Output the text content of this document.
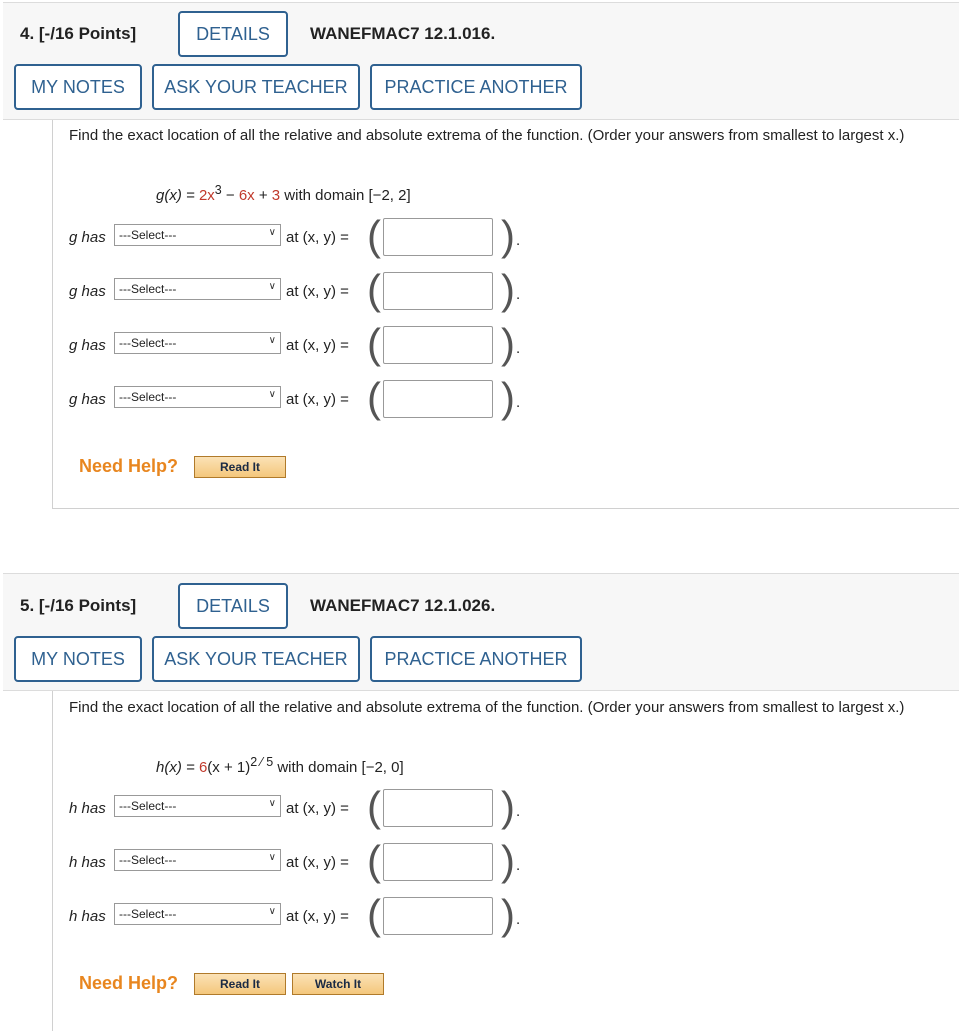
4. [-/16 Points]	DETAILS	WANEFMAC7 12.1.016.
MY NOTES	ASK YOUR TEACHER	PRACTICE ANOTHER
Find the exact location of all the relative and absolute extrema of the function. (Order your answers from smallest to largest x.)
$g(x) = 2x^3 - 6x + 3$ with domain [−2, 2]
g has	---Select---	∨ at (x, y) = (	) .
g has	---Select---	∨ at (x, y) = (	) .
g has	---Select---	∨ at (x, y) = (	) .
g has	---Select---	∨ at (x, y) = (	) .
Need Help?	Read It
5. [-/16 Points]	DETAILS	WANEFMAC7 12.1.026.
MY NOTES	ASK YOUR TEACHER	PRACTICE ANOTHER
Find the exact location of all the relative and absolute extrema of the function. (Order your answers from smallest to largest x.)
$h(x) = 6(x + 1)^{2 ⁄ 5}$ with domain [−2, 0]
h has	---Select---	∨ at (x, y) = (	) .
h has	---Select---	∨ at (x, y) = (	) .
h has	---Select---	∨ at (x, y) = (	) .
Need Help?	Read It	Watch It
